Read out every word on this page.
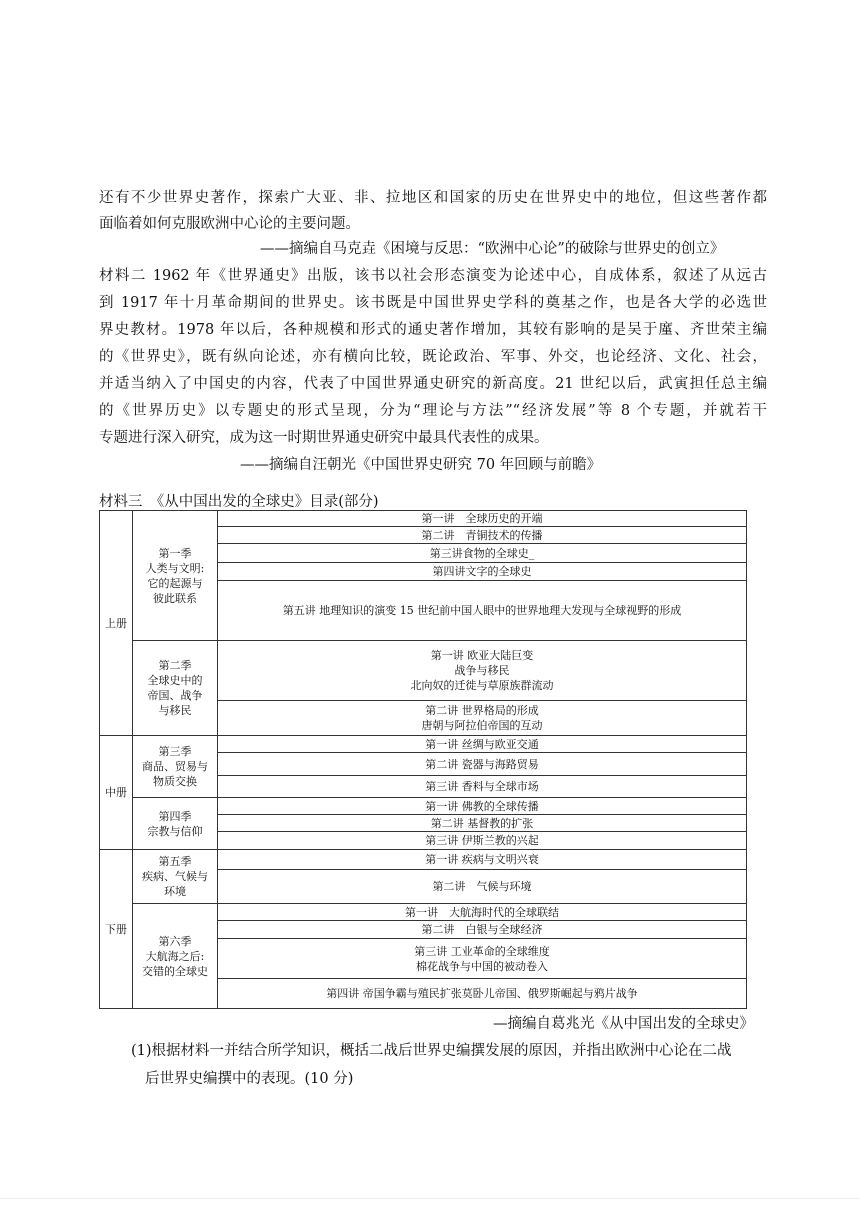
还有不少世界史著作，探索广大亚、非、拉地区和国家的历史在世界史中的地位，但这些著作都
面临着如何克服欧洲中心论的主要问题。
——摘编自马克垚《困境与反思：“欧洲中心论”的破除与世界史的创立》
材料二 1962 年《世界通史》出版，该书以社会形态演变为论述中心，自成体系，叙述了从远古
到 1917 年十月革命期间的世界史。该书既是中国世界史学科的奠基之作，也是各大学的必选世
界史教材。1978 年以后，各种规模和形式的通史著作增加，其较有影响的是吴于廑、齐世荣主编
的《世界史》，既有纵向论述，亦有横向比较，既论政治、军事、外交，也论经济、文化、社会，
并适当纳入了中国史的内容，代表了中国世界通史研究的新高度。21 世纪以后，武寅担任总主编
的《世界历史》以专题史的形式呈现，分为“理论与方法”“经济发展”等 8 个专题，并就若干
专题进行深入研究，成为这一时期世界通史研究中最具代表性的成果。
——摘编自汪朝光《中国世界史研究 70 年回顾与前瞻》
材料三　《从中国出发的全球史》目录(部分)
上册
中册
下册
第一季
人类与文明:
它的起源与
彼此联系
第二季
全球史中的
帝国、战争
与移民
第三季
商品、贸易与
物质交换
第四季
宗教与信仰
第五季
疾病、气候与
环境
第六季
大航海之后:
交错的全球史
第一讲　全球历史的开端
第二讲　青铜技术的传播
第三讲食物的全球史_
第四讲文字的全球史
第五讲 地理知识的演变 15 世纪前中国人眼中的世界地理大发现与全球视野的形成
第一讲 欧亚大陆巨变
战争与移民
北向奴的迁徙与草原族群流动
第二讲 世界格局的形成
唐朝与阿拉伯帝国的互动
第一讲 丝绸与欧亚交通
第二讲 瓷器与海路贸易
第三讲 香料与全球市场
第一讲 佛教的全球传播
第二讲 基督教的扩张
第三讲 伊斯兰教的兴起
第一讲 疾病与文明兴衰
第二讲　气候与环境
第一讲　大航海时代的全球联结
第二讲　白银与全球经济
第三讲 工业革命的全球维度
棉花战争与中国的被动卷入
第四讲 帝国争霸与殖民扩张莫卧儿帝国、俄罗斯崛起与鸦片战争
—摘编自葛兆光《从中国出发的全球史》
(1)根据材料一并结合所学知识，概括二战后世界史编撰发展的原因，并指出欧洲中心论在二战
后世界史编撰中的表现。(10 分)
